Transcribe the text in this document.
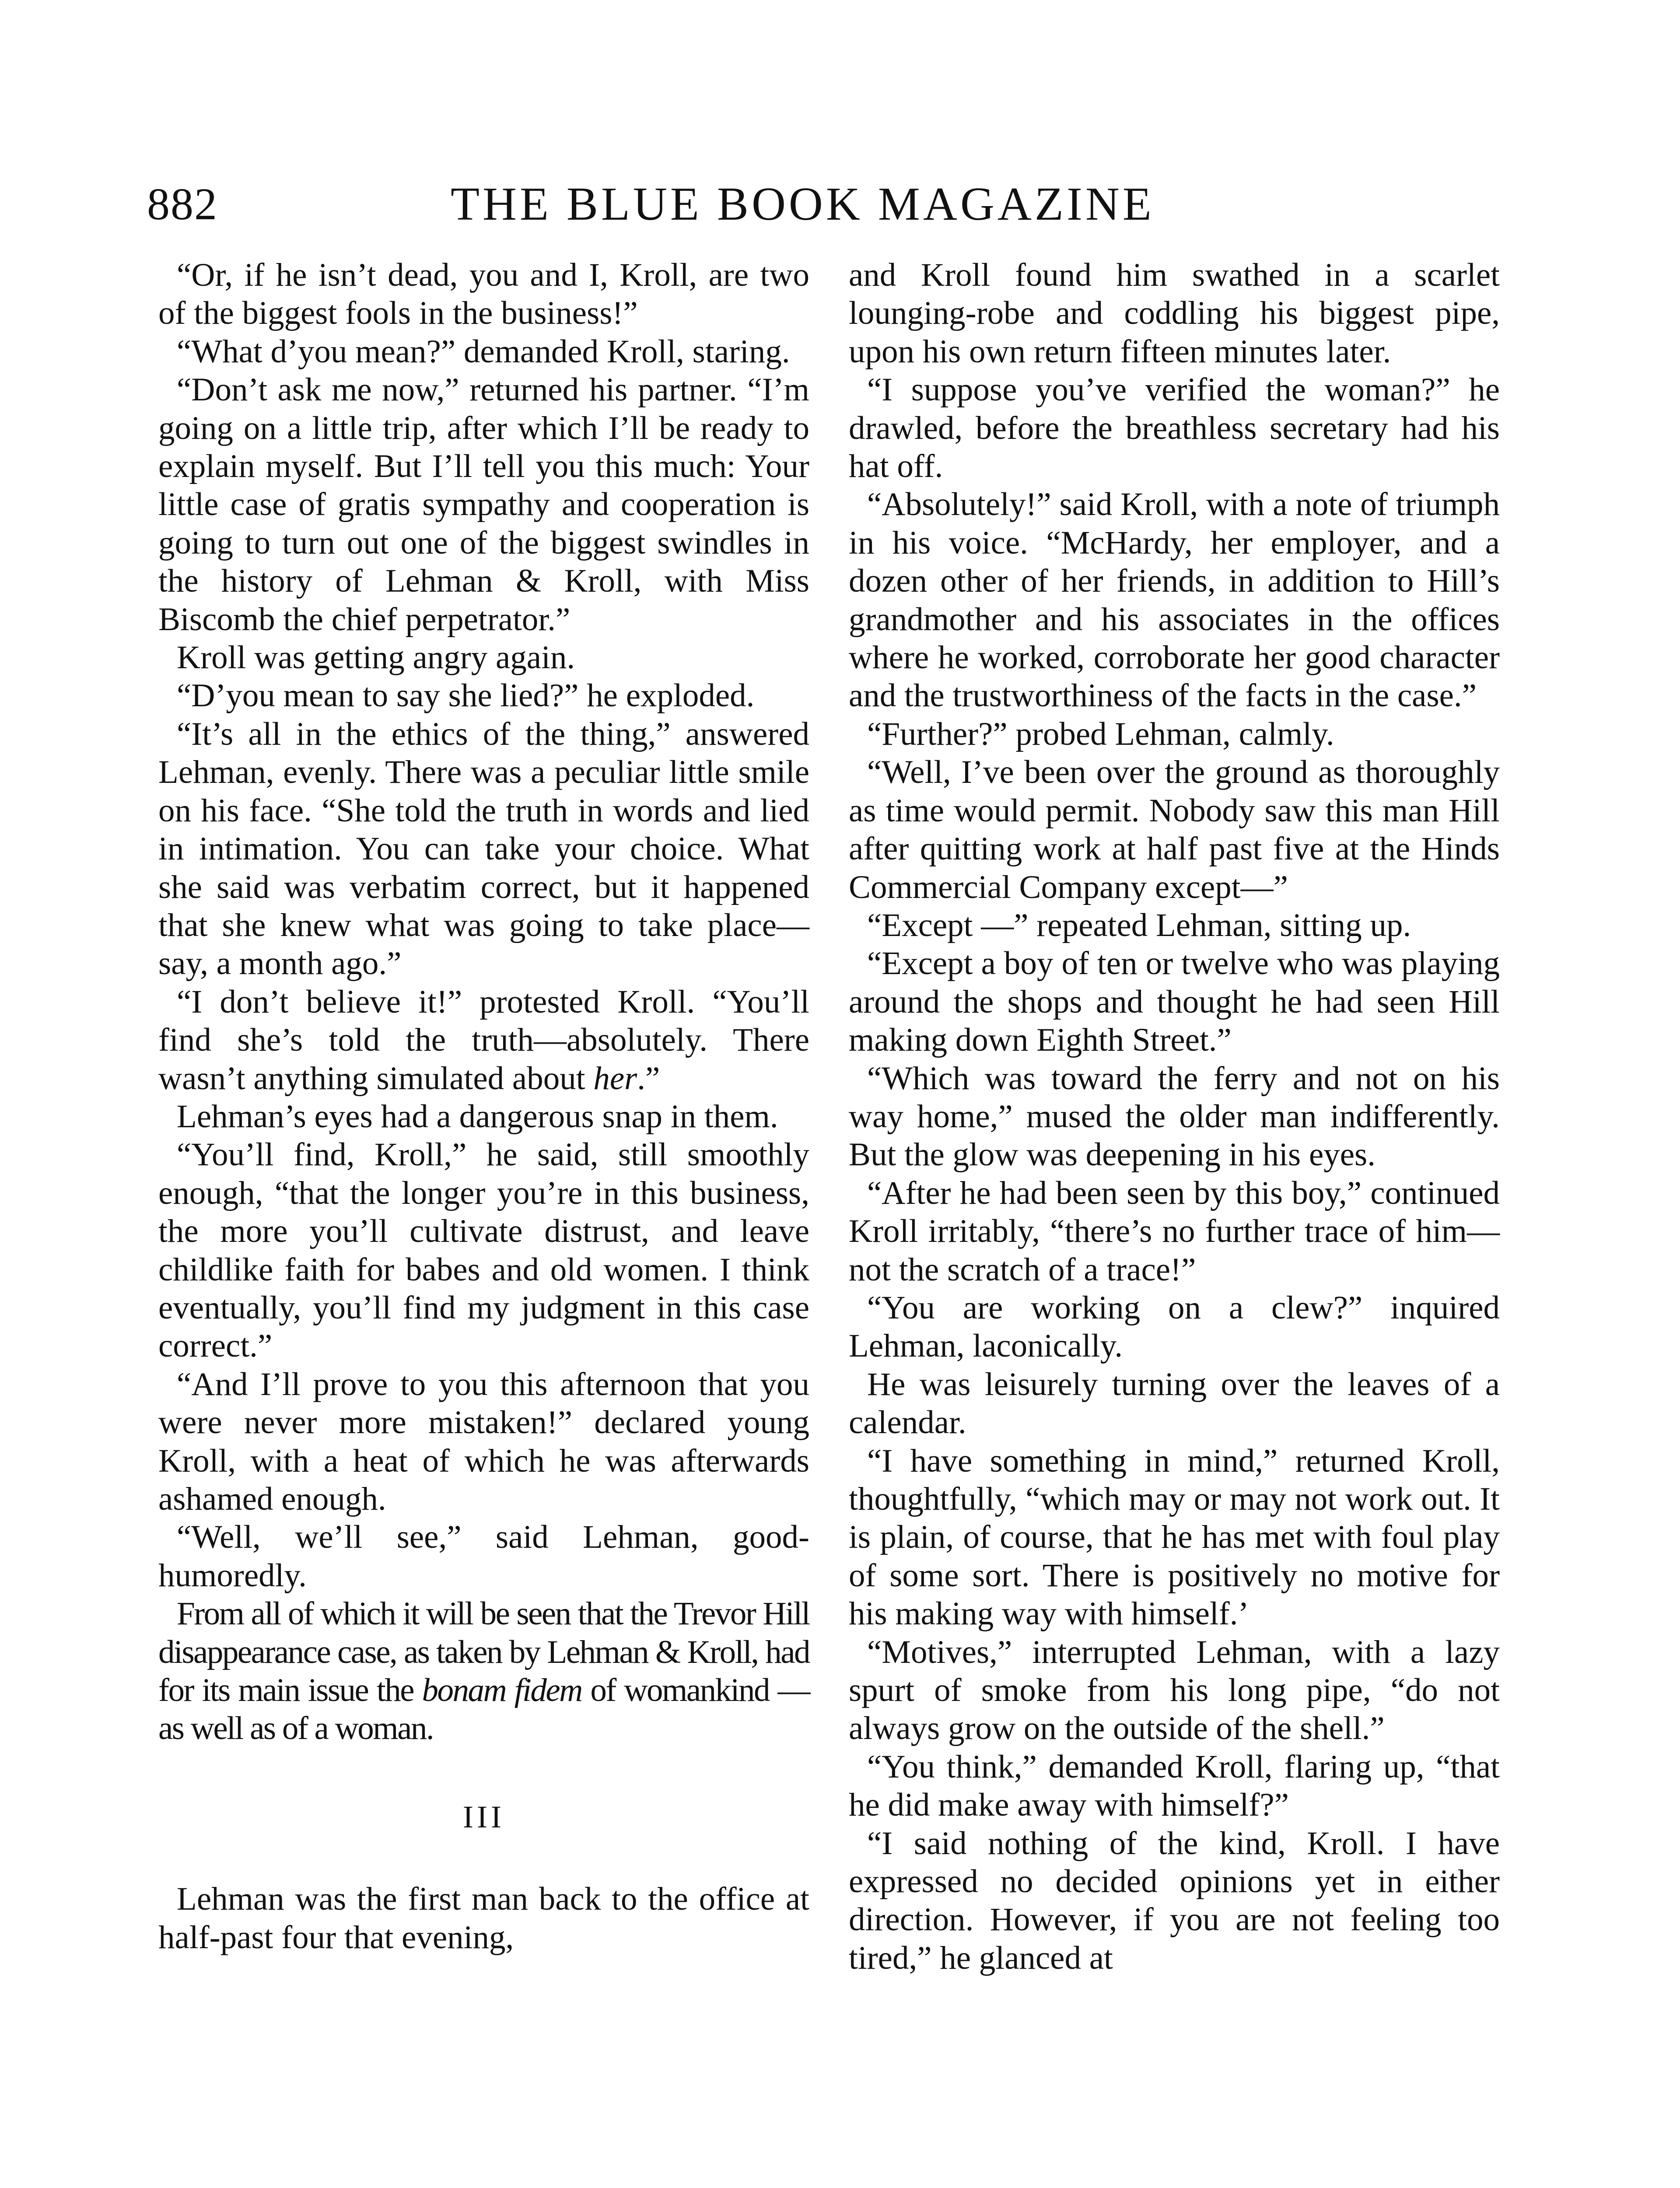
882	THE BLUE BOOK MAGAZINE

“Or, if he isn’t dead, you and I, Kroll, are two of the biggest fools in the business!”

“What d’you mean?” demanded Kroll, staring.

“Don’t ask me now,” returned his partner. “I’m going on a little trip, after which I’ll be ready to explain myself. But I’ll tell you this much: Your little case of gratis sympathy and cooperation is going to turn out one of the biggest swindles in the history of Lehman & Kroll, with Miss Biscomb the chief perpetrator.”

Kroll was getting angry again.

“D’you mean to say she lied?” he exploded.

“It’s all in the ethics of the thing,” answered Lehman, evenly. There was a peculiar little smile on his face. “She told the truth in words and lied in intimation. You can take your choice. What she said was verbatim correct, but it happened that she knew what was going to take place—say, a month ago.”

“I don’t believe it!” protested Kroll. “You’ll find she’s told the truth—absolutely. There wasn’t anything simulated about her.”

Lehman’s eyes had a dangerous snap in them.

“You’ll find, Kroll,” he said, still smoothly enough, “that the longer you’re in this business, the more you’ll cultivate distrust, and leave childlike faith for babes and old women. I think eventually, you’ll find my judgment in this case correct.”

“And I’ll prove to you this afternoon that you were never more mistaken!” declared young Kroll, with a heat of which he was afterwards ashamed enough.

“Well, we’ll see,” said Lehman, goodhumoredly.

From all of which it will be seen that the Trevor Hill disappearance case, as taken by Lehman & Kroll, had for its main issue the bonam fidem of womankind —as well as of a woman.

III

Lehman was the first man back to the office at half-past four that evening,

and Kroll found him swathed in a scarlet lounging-robe and coddling his biggest pipe, upon his own return fifteen minutes later.

“I suppose you’ve verified the woman?” he drawled, before the breathless secretary had his hat off.

“Absolutely!” said Kroll, with a note of triumph in his voice. “McHardy, her employer, and a dozen other of her friends, in addition to Hill’s grandmother and his associates in the offices where he worked, corroborate her good character and the trustworthiness of the facts in the case.”

“Further?” probed Lehman, calmly.

“Well, I’ve been over the ground as thoroughly as time would permit. Nobody saw this man Hill after quitting work at half past five at the Hinds Commercial Company except—”

“Except —” repeated Lehman, sitting up.

“Except a boy of ten or twelve who was playing around the shops and thought he had seen Hill making down Eighth Street.”

“Which was toward the ferry and not on his way home,” mused the older man indifferently. But the glow was deepening in his eyes.

“After he had been seen by this boy,” continued Kroll irritably, “there’s no further trace of him—not the scratch of a trace!”

“You are working on a clew?” inquired Lehman, laconically.

He was leisurely turning over the leaves of a calendar.

“I have something in mind,” returned Kroll, thoughtfully, “which may or may not work out. It is plain, of course, that he has met with foul play of some sort. There is positively no motive for his making way with himself.’

“Motives,” interrupted Lehman, with a lazy spurt of smoke from his long pipe, “do not always grow on the outside of the shell.”

“You think,” demanded Kroll, flaring up, “that he did make away with himself?”

“I said nothing of the kind, Kroll. I have expressed no decided opinions yet in either direction. However, if you are not feeling too tired,” he glanced at
